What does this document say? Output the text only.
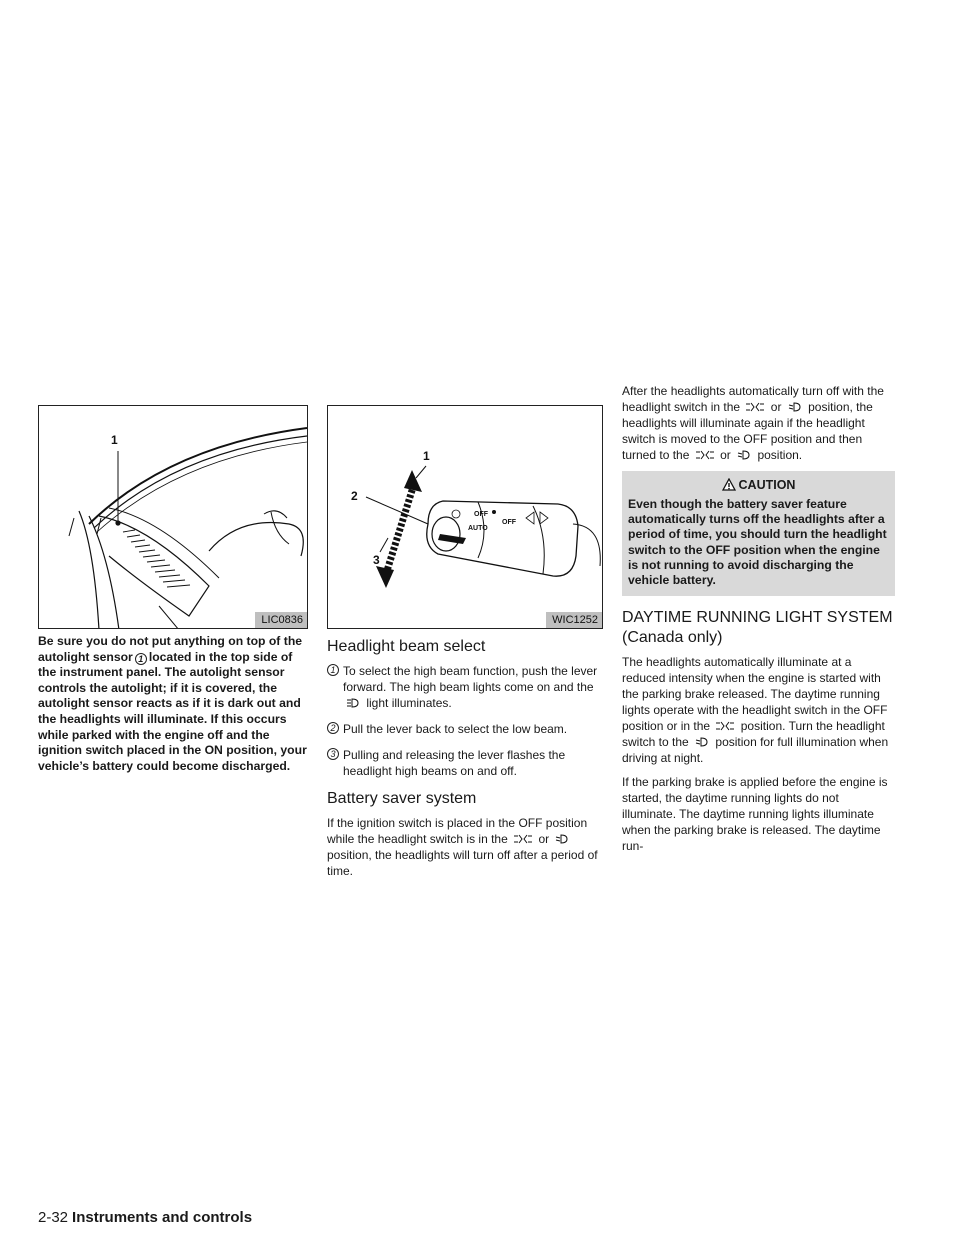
1
LIC0836

Be sure you do not put anything on top of the autolight sensor 1 located in the top side of the instrument panel. The autolight sensor controls the autolight; if it is covered, the autolight sensor reacts as if it is dark out and the headlights will illuminate. If this occurs while parked with the engine off and the ignition switch placed in the ON position, your vehicle’s battery could become discharged.

OFF
AUTO
OFF
1
2
3
WIC1252
Headlight beam select
1 To select the high beam function, push the lever forward. The high beam lights come on and the  light illuminates.
2 Pull the lever back to select the low beam.
3 Pulling and releasing the lever flashes the headlight high beams on and off.
Battery saver system

If the ignition switch is placed in the OFF position while the headlight switch is in the	or  position, the headlights will turn off after a period of time.

After the headlights automatically turn off with the headlight switch in the	or position, the headlights will illuminate again if the headlight switch is moved to the OFF position and then turned to the	or position.

CAUTION
Even though the battery saver feature automatically turns off the headlights after a period of time, you should turn the headlight switch to the OFF position when the engine is not running to avoid discharging the vehicle battery.
DAYTIME RUNNING LIGHT SYSTEM
(Canada only)

The headlights automatically illuminate at a reduced intensity when the engine is started with the parking brake released. The daytime running lights operate with the headlight switch in the OFF position or in the	position. Turn the headlight switch to the position for full illumination when driving at night.

If the parking brake is applied before the engine is started, the daytime running lights do not illuminate. The daytime running lights illuminate when the parking brake is released. The daytime run-

2-32 Instruments and controls
